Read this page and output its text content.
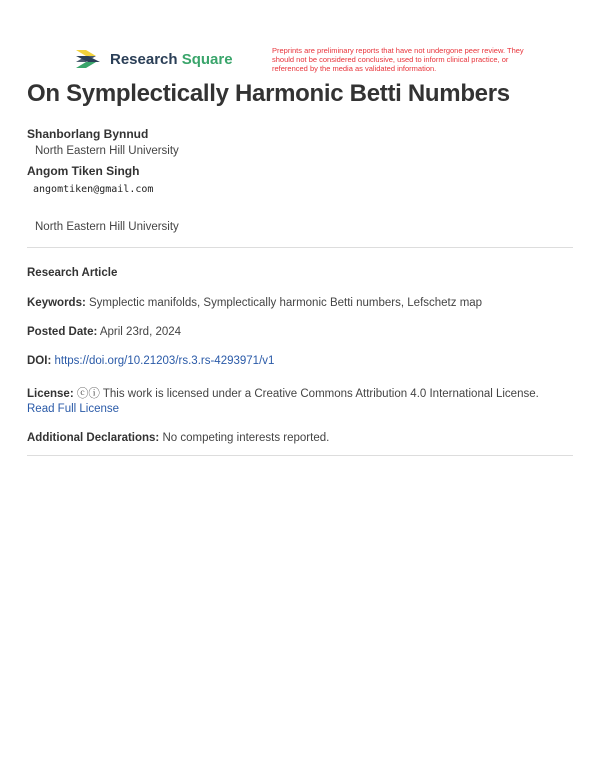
Research Square	Preprints are preliminary reports that have not undergone peer review. They should not be considered conclusive, used to inform clinical practice, or referenced by the media as validated information.
On Symplectically Harmonic Betti Numbers
Shanborlang Bynnud
North Eastern Hill University
Angom Tiken Singh
angomtiken@gmail.com
North Eastern Hill University
Research Article
Keywords: Symplectic manifolds, Symplectically harmonic Betti numbers, Lefschetz map
Posted Date: April 23rd, 2024
DOI: https://doi.org/10.21203/rs.3.rs-4293971/v1
License: ⓒⓘ This work is licensed under a Creative Commons Attribution 4.0 International License.
Read Full License
Additional Declarations: No competing interests reported.
